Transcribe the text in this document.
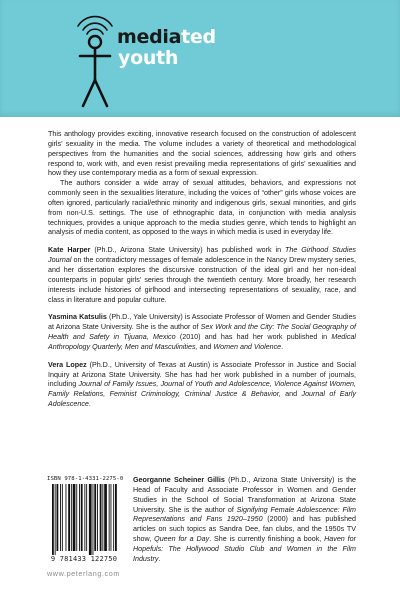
mediated
youth

This anthology provides exciting, innovative research focused on the construction of adolescent girls’ sexuality in the media. The volume includes a variety of theoretical and methodological perspectives from the humanities and the social sciences, addressing how girls and others respond to, work with, and even resist prevailing media representations of girls’ sexualities and how they use contemporary media as a form of sexual expression.

The authors consider a wide array of sexual attitudes, behaviors, and expressions not commonly seen in the sexualities literature, including the voices of “other” girls whose voices are often ignored, particularly racial/ethnic minority and indigenous girls, sexual minorities, and girls from non-U.S. settings. The use of ethnographic data, in conjunction with media analysis techniques, provides a unique approach to the media studies genre, which tends to highlight an analysis of media content, as opposed to the ways in which media is used in everyday life.

Kate Harper (Ph.D., Arizona State University) has published work in The Girlhood Studies Journal on the contradictory messages of female adolescence in the Nancy Drew mystery series, and her dissertation explores the discursive construction of the ideal girl and her non-ideal counterparts in popular girls’ series through the twentieth century. More broadly, her research interests include histories of girlhood and intersecting representations of sexuality, race, and class in literature and popular culture.

Yasmina Katsulis (Ph.D., Yale University) is Associate Professor of Women and Gender Studies at Arizona State University. She is the author of Sex Work and the City: The Social Geography of Health and Safety in Tijuana, Mexico (2010) and has had her work published in Medical Anthropology Quarterly, Men and Masculinities, and Women and Violence.

Vera Lopez (Ph.D., University of Texas at Austin) is Associate Professor in Justice and Social Inquiry at Arizona State University. She has had her work published in a number of journals, including Journal of Family Issues, Journal of Youth and Adolescence, Violence Against Women, Family Relations, Feminist Criminology, Criminal Justice & Behavior, and Journal of Early Adolescence.

ISBN 978-1-4331-2275-0
9 781433 122750
www.peterlang.com

Georganne Scheiner Gillis (Ph.D., Arizona State University) is the Head of Faculty and Associate Professor in Women and Gender Studies in the School of Social Transformation at Arizona State University. She is the author of Signifying Female Adolescence: Film Representations and Fans 1920–1950 (2000) and has published articles on such topics as Sandra Dee, fan clubs, and the 1950s TV show, Queen for a Day. She is currently finishing a book, Haven for Hopefuls: The Hollywood Studio Club and Women in the Film Industry.
